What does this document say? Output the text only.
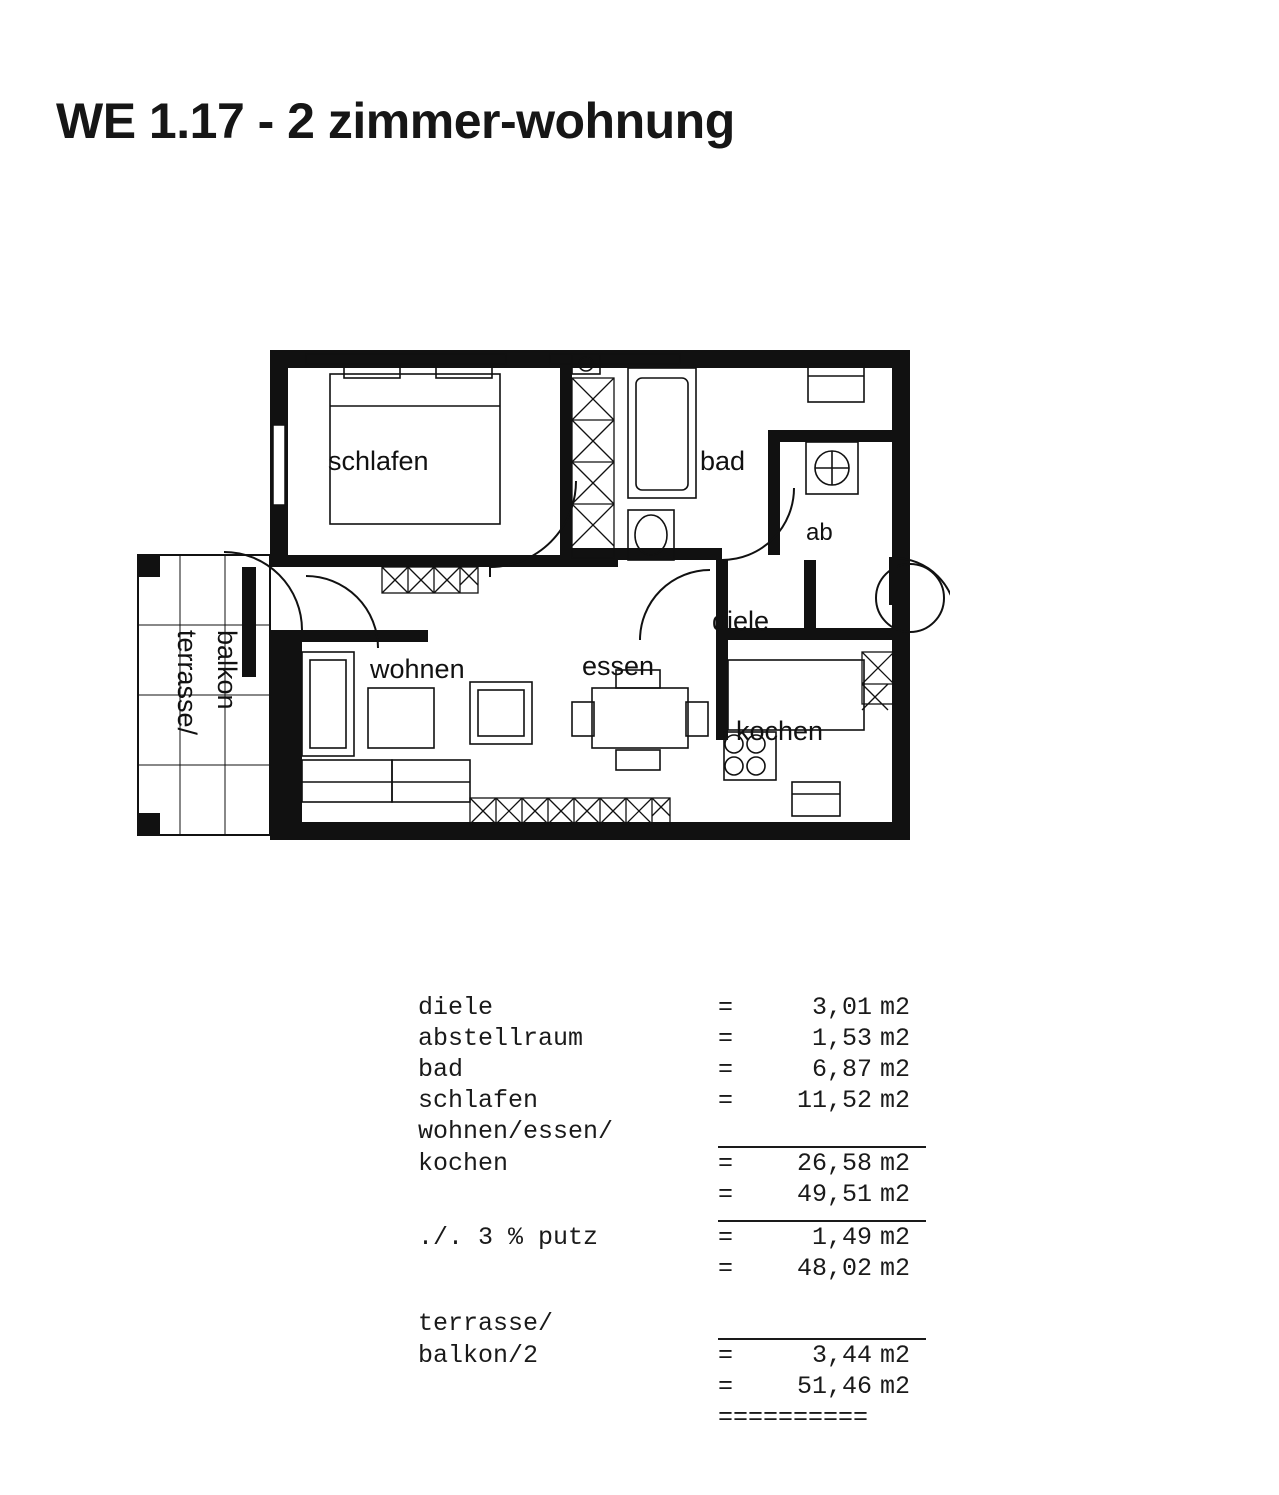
WE 1.17 - 2 zimmer-wohnung
schlafen	bad
ab
diele
wohnen	essen
kochen
terrasse/ balkon

diele	=	3,01	m2
abstellraum	=	1,53	m2
bad	=	6,87	m2
schlafen	=	11,52	m2
wohnen/essen/			
kochen	=	26,58	m2
	=	49,51	m2

./. 3 % putz	=	1,49	m2
	=	48,02	m2

terrasse/			
balkon/2	=	3,44	m2
	=	51,46	m2
	==========		
